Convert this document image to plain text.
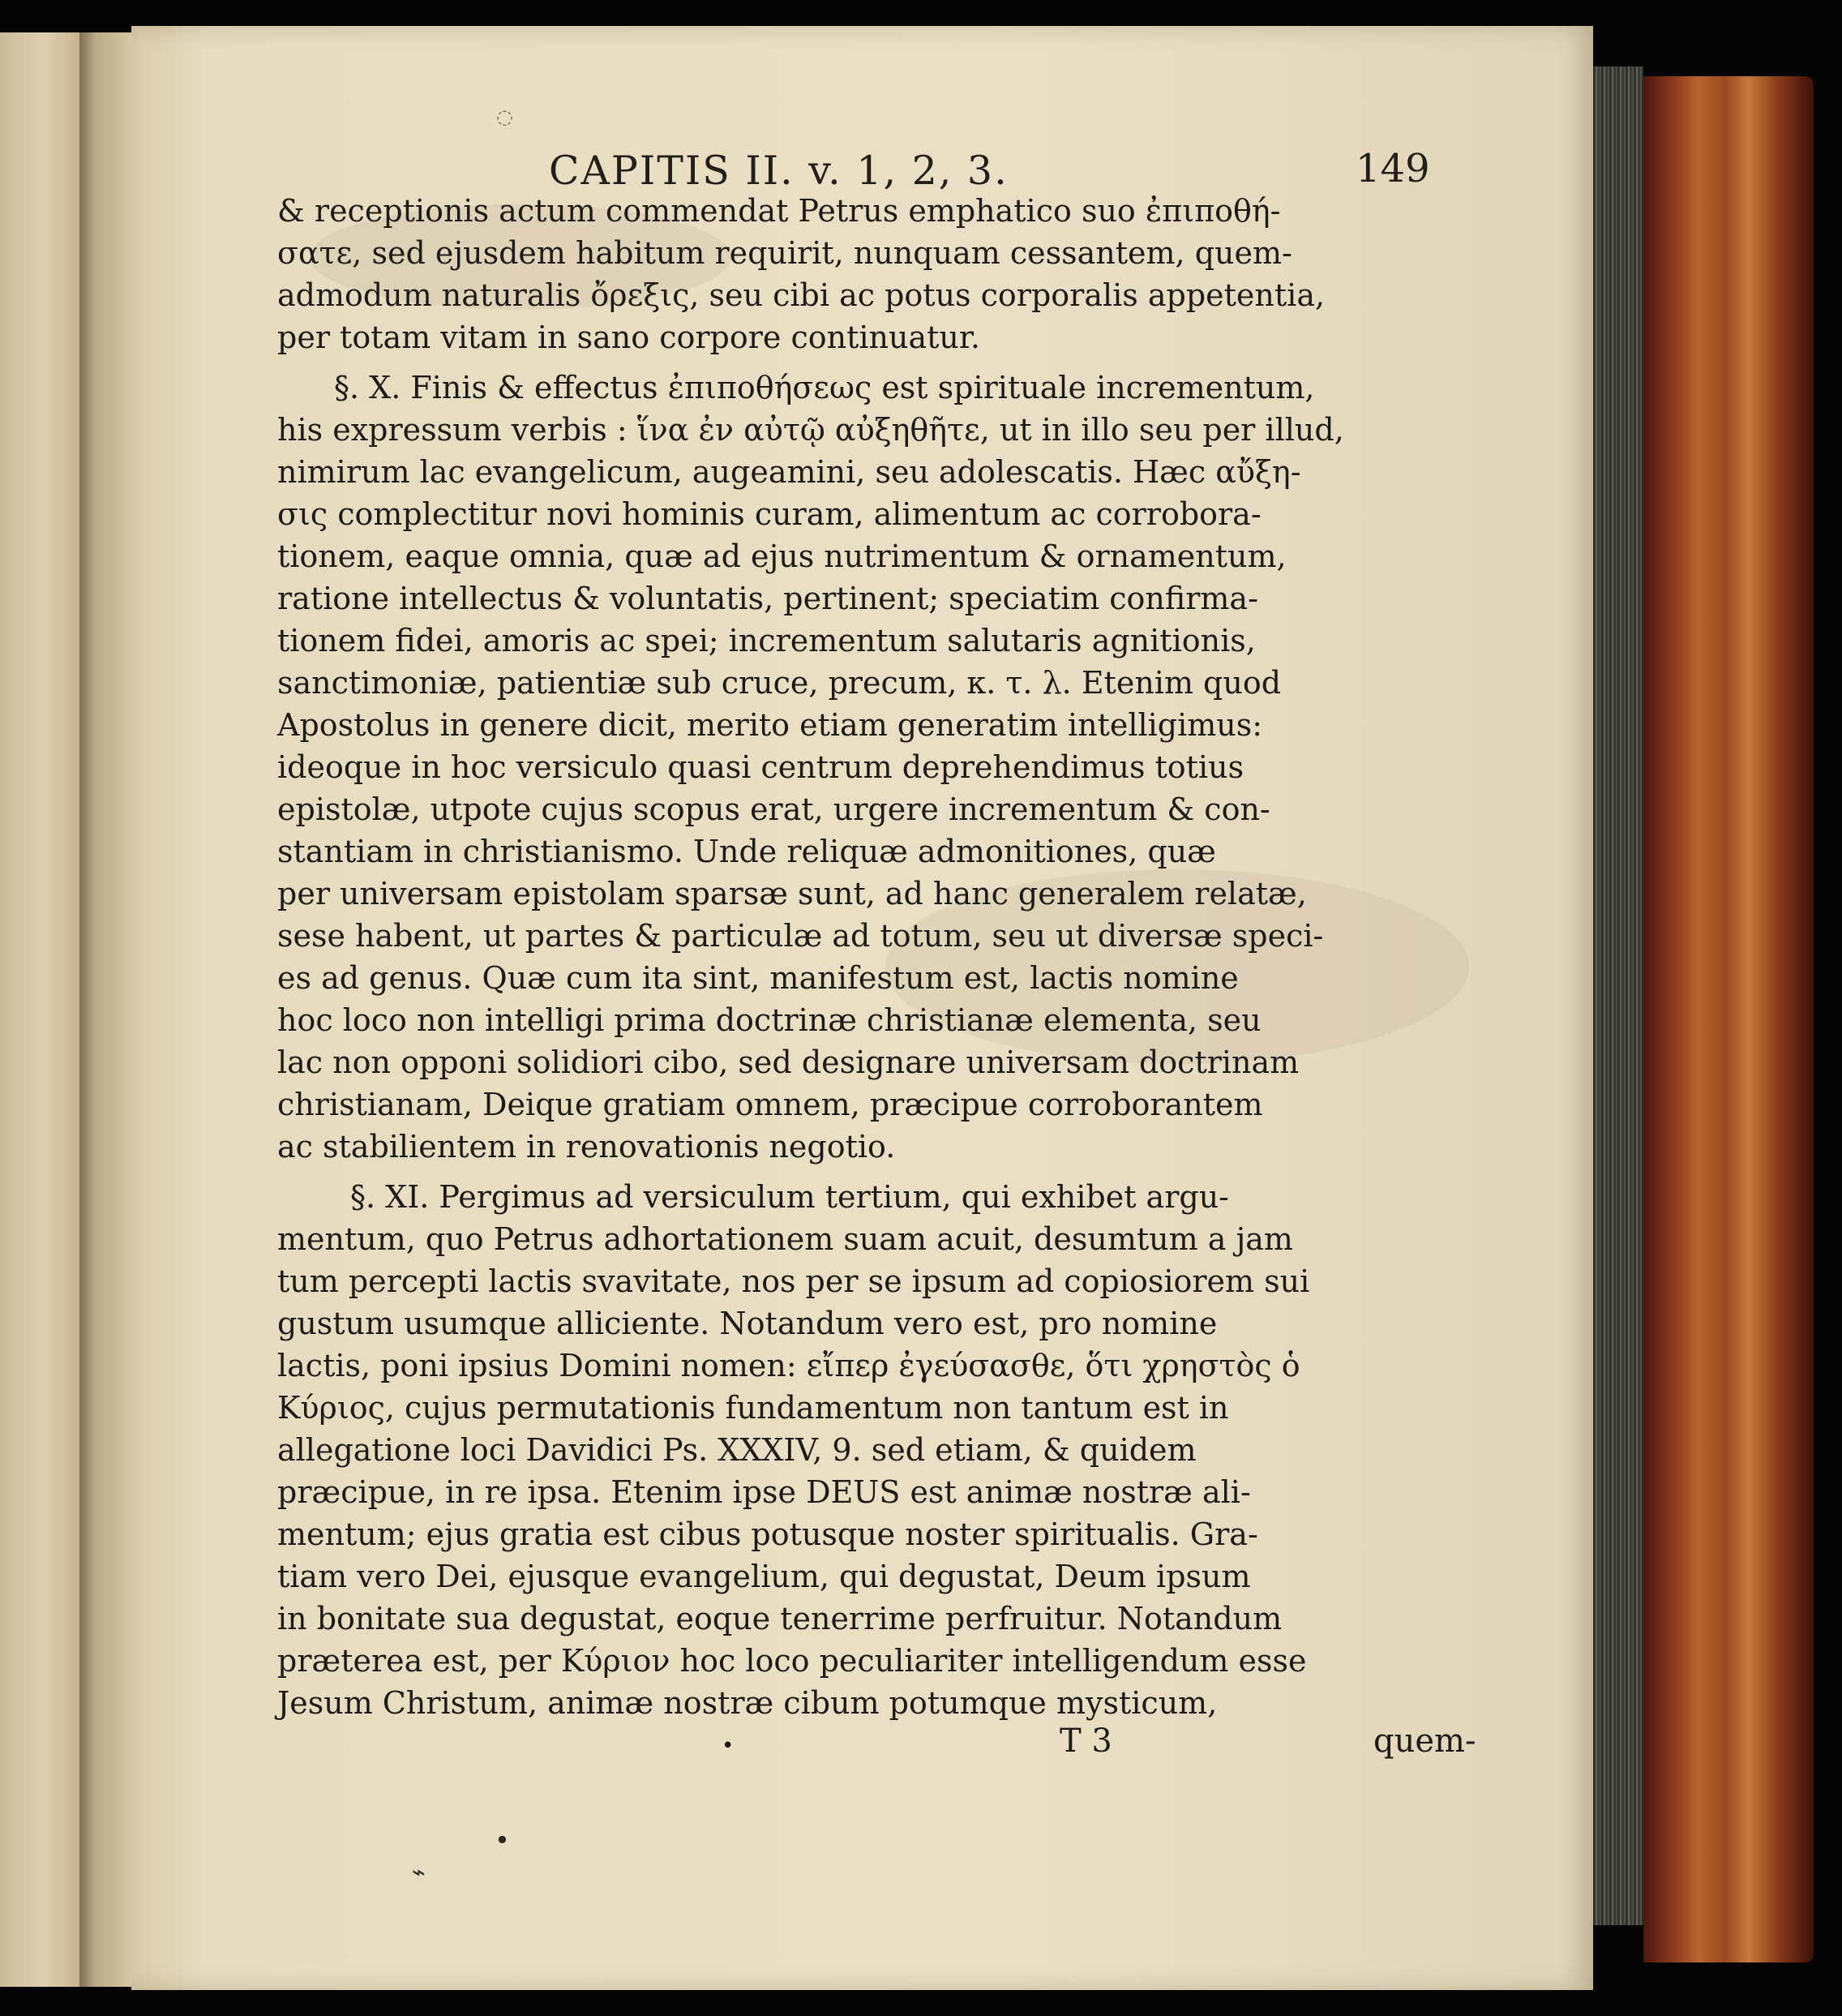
CAPITIS II. v. 1, 2, 3.	149
& receptionis actum commendat Petrus emphatico suo ἐπιποθή-
σατε, sed ejusdem habitum requirit, nunquam cessantem, quem-
admodum naturalis ὄρεξις, seu cibi ac potus corporalis appetentia,
per totam vitam in sano corpore continuatur.
§. X. Finis & effectus ἐπιποθήσεως est spirituale incrementum,
his expressum verbis : ἵνα ἐν αὐτῷ αὐξηθῆτε, ut in illo seu per illud,
nimirum lac evangelicum, augeamini, seu adolescatis. Hæc αὔξη-
σις complectitur novi hominis curam, alimentum ac corrobora-
tionem, eaque omnia, quæ ad ejus nutrimentum & ornamentum,
ratione intellectus & voluntatis, pertinent; speciatim confirma-
tionem fidei, amoris ac spei; incrementum salutaris agnitionis,
sanctimoniæ, patientiæ sub cruce, precum, κ. τ. λ. Etenim quod
Apostolus in genere dicit, merito etiam generatim intelligimus:
ideoque in hoc versiculo quasi centrum deprehendimus totius
epistolæ, utpote cujus scopus erat, urgere incrementum & con-
stantiam in christianismo. Unde reliquæ admonitiones, quæ
per universam epistolam sparsæ sunt, ad hanc generalem relatæ,
sese habent, ut partes & particulæ ad totum, seu ut diversæ speci-
es ad genus. Quæ cum ita sint, manifestum est, lactis nomine
hoc loco non intelligi prima doctrinæ christianæ elementa, seu
lac non opponi solidiori cibo, sed designare universam doctrinam
christianam, Deique gratiam omnem, præcipue corroborantem
ac stabilientem in renovationis negotio.
§. XI. Pergimus ad versiculum tertium, qui exhibet argu-
mentum, quo Petrus adhortationem suam acuit, desumtum a jam
tum percepti lactis svavitate, nos per se ipsum ad copiosiorem sui
gustum usumque alliciente. Notandum vero est, pro nomine
lactis, poni ipsius Domini nomen: εἴπερ ἐγεύσασθε, ὅτι χρηστὸς ὁ
Κύριος, cujus permutationis fundamentum non tantum est in
allegatione loci Davidici Ps. XXXIV, 9. sed etiam, & quidem
præcipue, in re ipsa. Etenim ipse DEUS est animæ nostræ ali-
mentum; ejus gratia est cibus potusque noster spiritualis. Gra-
tiam vero Dei, ejusque evangelium, qui degustat, Deum ipsum
in bonitate sua degustat, eoque tenerrime perfruitur. Notandum
præterea est, per Κύριον hoc loco peculiariter intelligendum esse
Jesum Christum, animæ nostræ cibum potumque mysticum,
•	T 3	quem-
•
⌁
◌
